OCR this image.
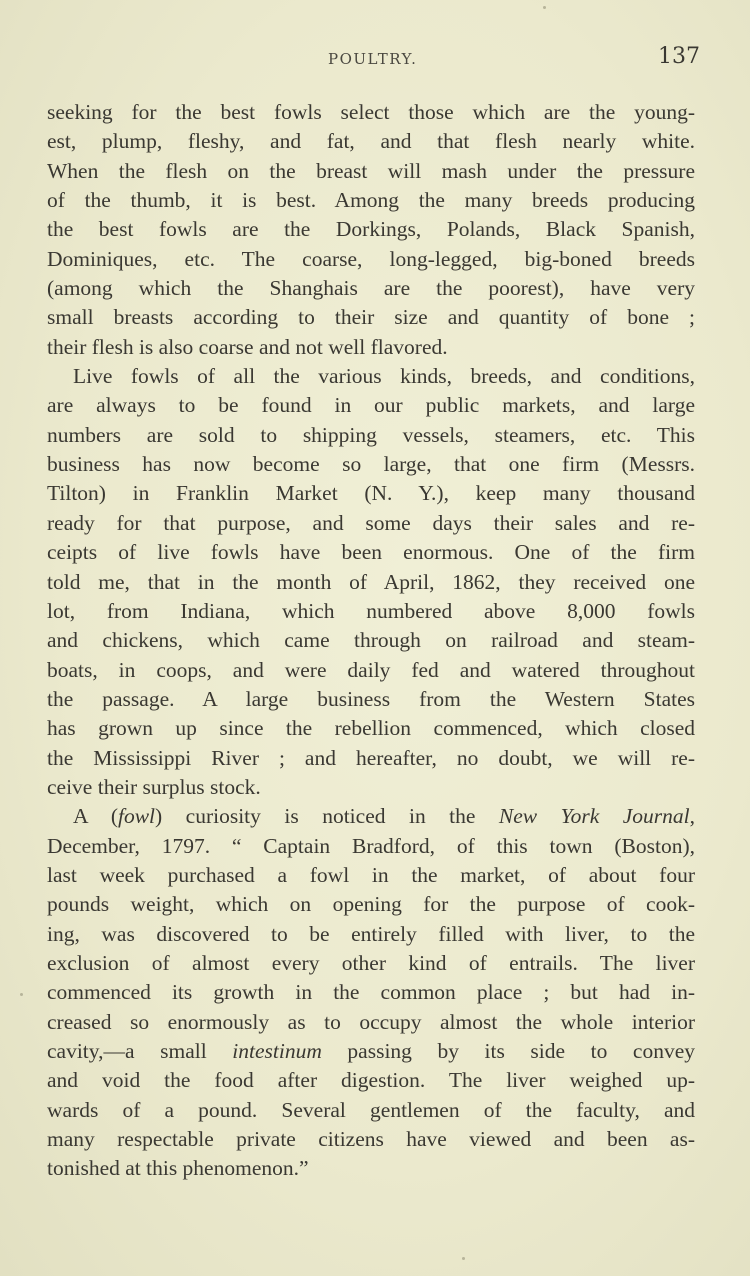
POULTRY.	137

seeking for the best fowls select those which are the young-
est, plump, fleshy, and fat, and that flesh nearly white.
When the flesh on the breast will mash under the pressure
of the thumb, it is best. Among the many breeds producing
the best fowls are the Dorkings, Polands, Black Spanish,
Dominiques, etc. The coarse, long-legged, big-boned breeds
(among which the Shanghais are the poorest), have very
small breasts according to their size and quantity of bone ;
their flesh is also coarse and not well flavored.

Live fowls of all the various kinds, breeds, and conditions,
are always to be found in our public markets, and large
numbers are sold to shipping vessels, steamers, etc. This
business has now become so large, that one firm (Messrs.
Tilton) in Franklin Market (N. Y.), keep many thousand
ready for that purpose, and some days their sales and re-
ceipts of live fowls have been enormous. One of the firm
told me, that in the month of April, 1862, they received one
lot, from Indiana, which numbered above 8,000 fowls
and chickens, which came through on railroad and steam-
boats, in coops, and were daily fed and watered throughout
the passage. A large business from the Western States
has grown up since the rebellion commenced, which closed
the Mississippi River ; and hereafter, no doubt, we will re-
ceive their surplus stock.

A (fowl) curiosity is noticed in the New York Journal,
December, 1797. “ Captain Bradford, of this town (Boston),
last week purchased a fowl in the market, of about four
pounds weight, which on opening for the purpose of cook-
ing, was discovered to be entirely filled with liver, to the
exclusion of almost every other kind of entrails. The liver
commenced its growth in the common place ; but had in-
creased so enormously as to occupy almost the whole interior
cavity,—a small intestinum passing by its side to convey
and void the food after digestion. The liver weighed up-
wards of a pound. Several gentlemen of the faculty, and
many respectable private citizens have viewed and been as-
tonished at this phenomenon.”
